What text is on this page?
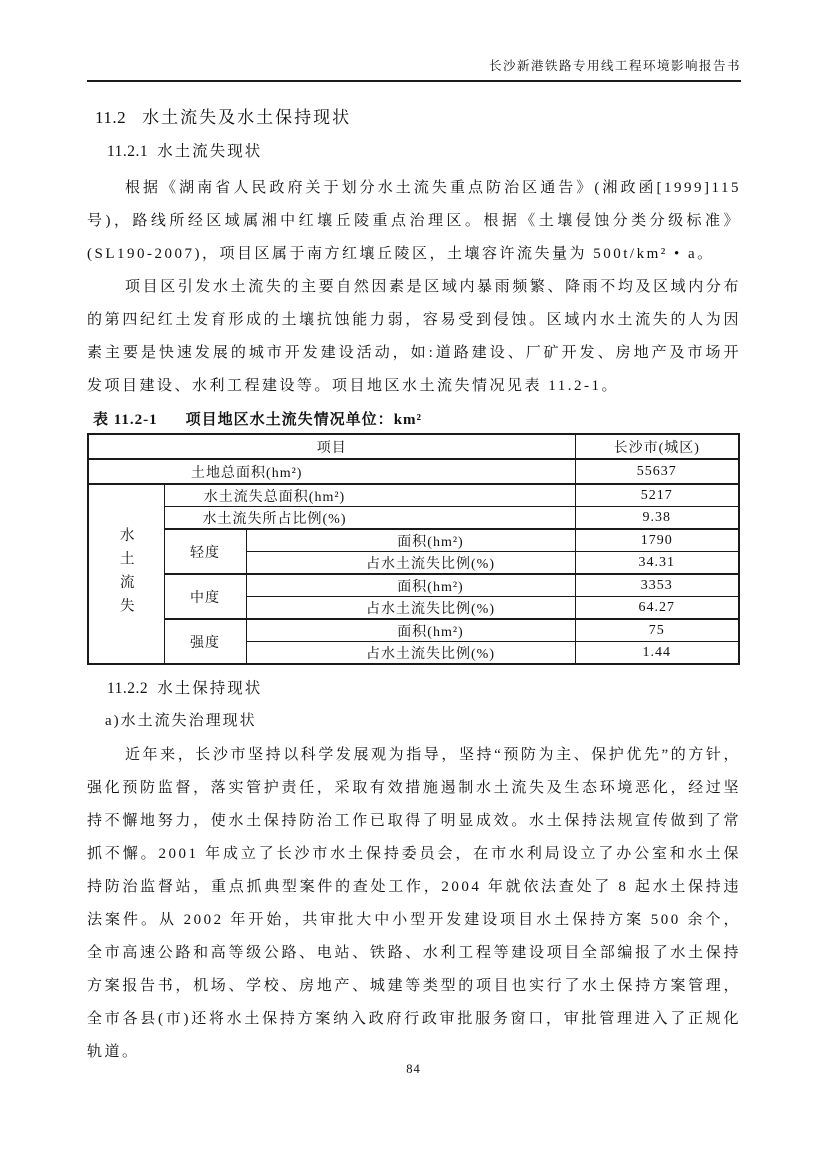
长沙新港铁路专用线工程环境影响报告书
11.2 水土流失及水土保持现状
11.2.1 水土流失现状

根据《湖南省人民政府关于划分水土流失重点防治区通告》(湘政函[1999]115 号)，路线所经区域属湘中红壤丘陵重点治理区。根据《土壤侵蚀分类分级标准》(SL190-2007)，项目区属于南方红壤丘陵区，土壤容许流失量为 500t/km² • a。

项目区引发水土流失的主要自然因素是区域内暴雨频繁、降雨不均及区域内分布的第四纪红土发育形成的土壤抗蚀能力弱，容易受到侵蚀。区域内水土流失的人为因素主要是快速发展的城市开发建设活动，如:道路建设、厂矿开发、房地产及市场开发项目建设、水利工程建设等。项目地区水土流失情况见表 11.2-1。

表 11.2-1 项目地区水土流失情况单位：km²
项目			长沙市(城区)
土地总面积(hm²)			55637

水土流失	水土流失总面积(hm²)		5217
	水土流失所占比例(%)		9.38
	轻度	面积(hm²)	1790
		占水土流失比例(%)	34.31
	中度	面积(hm²)	3353
		占水土流失比例(%)	64.27
	强度	面积(hm²)	75
		占水土流失比例(%)	1.44
11.2.2 水土保持现状
a)水土流失治理现状

近年来，长沙市坚持以科学发展观为指导，坚持“预防为主、保护优先”的方针，强化预防监督，落实管护责任，采取有效措施遏制水土流失及生态环境恶化，经过坚持不懈地努力，使水土保持防治工作已取得了明显成效。水土保持法规宣传做到了常抓不懈。2001 年成立了长沙市水土保持委员会，在市水利局设立了办公室和水土保持防治监督站，重点抓典型案件的查处工作，2004 年就依法查处了 8 起水土保持违法案件。从 2002 年开始，共审批大中小型开发建设项目水土保持方案 500 余个，全市高速公路和高等级公路、电站、铁路、水利工程等建设项目全部编报了水土保持方案报告书，机场、学校、房地产、城建等类型的项目也实行了水土保持方案管理，全市各县(市)还将水土保持方案纳入政府行政审批服务窗口，审批管理进入了正规化轨道。

84
